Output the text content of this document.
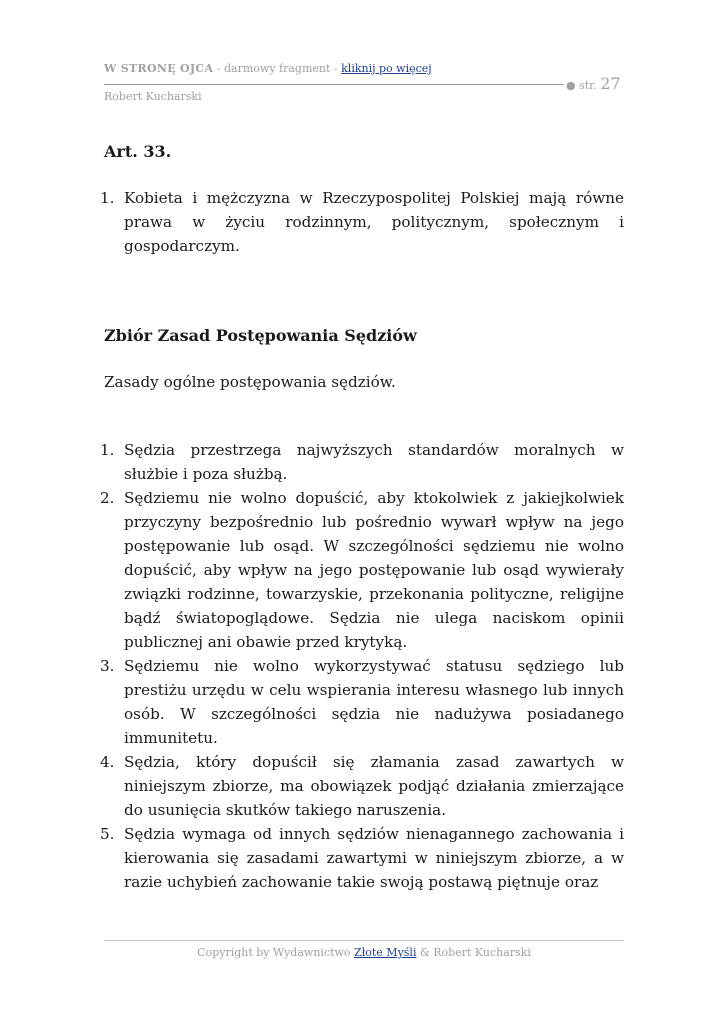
W STRONĘ OJCA - darmowy fragment - kliknij po więcej
● str. 27
Robert Kucharski

Art. 33.

1. Kobieta i mężczyzna w Rzeczypospolitej Polskiej mają równe prawa w życiu rodzinnym, politycznym, społecznym i gospodarczym.

Zbiór Zasad Postępowania Sędziów

Zasady ogólne postępowania sędziów.

1. Sędzia przestrzega najwyższych standardów moralnych w służbie i poza służbą.
2. Sędziemu nie wolno dopuścić, aby ktokolwiek z jakiejkolwiek przyczyny bezpośrednio lub pośrednio wywarł wpływ na jego postępowanie lub osąd. W szczególności sędziemu nie wolno dopuścić, aby wpływ na jego postępowanie lub osąd wywierały związki rodzinne, towarzyskie, przekonania polityczne, religijne bądź światopoglądowe. Sędzia nie ulega naciskom opinii publicznej ani obawie przed krytyką.
3. Sędziemu nie wolno wykorzystywać statusu sędziego lub prestiżu urzędu w celu wspierania interesu własnego lub innych osób. W szczególności sędzia nie nadużywa posiadanego immunitetu.
4. Sędzia, który dopuścił się złamania zasad zawartych w niniejszym zbiorze, ma obowiązek podjąć działania zmierzające do usunięcia skutków takiego naruszenia.
5. Sędzia wymaga od innych sędziów nienagannego zachowania i kierowania się zasadami zawartymi w niniejszym zbiorze, a w razie uchybień zachowanie takie swoją postawą piętnuje oraz
Copyright by Wydawnictwo Złote Myśli & Robert Kucharski
